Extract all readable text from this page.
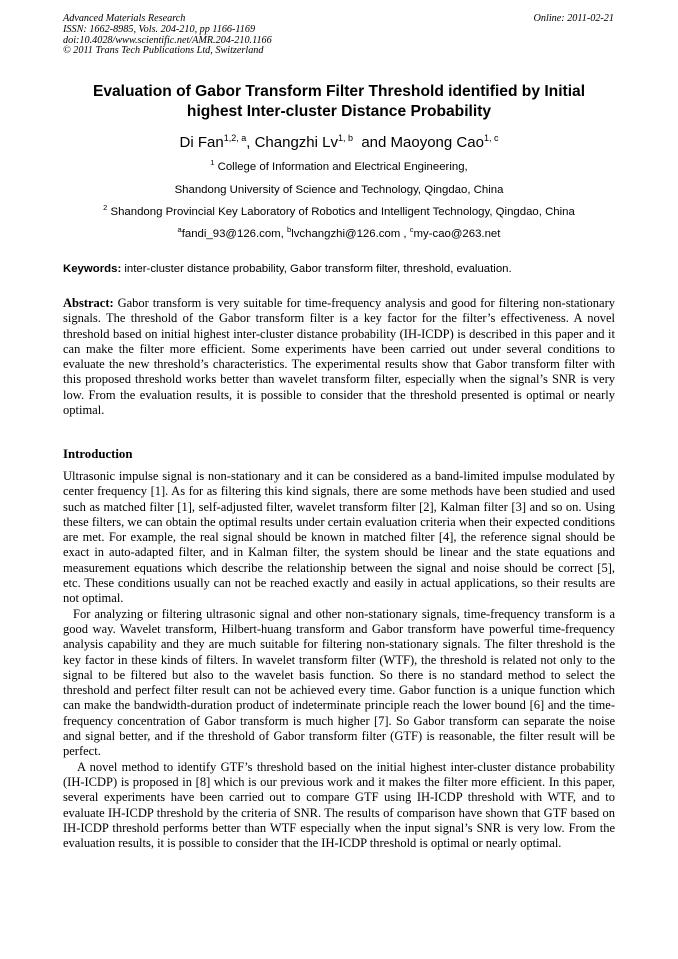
Advanced Materials Research
ISSN: 1662-8985, Vols. 204-210, pp 1166-1169
doi:10.4028/www.scientific.net/AMR.204-210.1166
© 2011 Trans Tech Publications Ltd, Switzerland
Online: 2011-02-21
Evaluation of Gabor Transform Filter Threshold identified by Initial
highest Inter-cluster Distance Probability
Di Fan$^{1,2, a}$, Changzhi Lv$^{1, b}$  and Maoyong Cao$^{1, c}$
$^1$ College of Information and Electrical Engineering,
Shandong University of Science and Technology, Qingdao, China
$^2$ Shandong Provincial Key Laboratory of Robotics and Intelligent Technology, Qingdao, China
$^a$fandi_93@126.com, $^b$lvchangzhi@126.com , $^c$my-cao@263.net
Keywords: inter-cluster distance probability, Gabor transform filter, threshold, evaluation.
Abstract: Gabor transform is very suitable for time-frequency analysis and good for filtering non-stationary signals. The threshold of the Gabor transform filter is a key factor for the filter’s effectiveness. A novel threshold based on initial highest inter-cluster distance probability (IH-ICDP) is described in this paper and it can make the filter more efficient. Some experiments have been carried out under several conditions to evaluate the new threshold’s characteristics. The experimental results show that Gabor transform filter with this proposed threshold works better than wavelet transform filter, especially when the signal’s SNR is very low. From the evaluation results, it is possible to consider that the threshold presented is optimal or nearly optimal.
Introduction

Ultrasonic impulse signal is non-stationary and it can be considered as a band-limited impulse modulated by center frequency [1]. As for as filtering this kind signals, there are some methods have been studied and used such as matched filter [1], self-adjusted filter, wavelet transform filter [2], Kalman filter [3] and so on. Using these filters, we can obtain the optimal results under certain evaluation criteria when their expected conditions are met. For example, the real signal should be known in matched filter [4], the reference signal should be exact in auto-adapted filter, and in Kalman filter, the system should be linear and the state equations and measurement equations which describe the relationship between the signal and noise should be correct [5], etc. These conditions usually can not be reached exactly and easily in actual applications, so their results are not optimal.

For analyzing or filtering ultrasonic signal and other non-stationary signals, time-frequency transform is a good way. Wavelet transform, Hilbert-huang transform and Gabor transform have powerful time-frequency analysis capability and they are much suitable for filtering non-stationary signals. The filter threshold is the key factor in these kinds of filters. In wavelet transform filter (WTF), the threshold is related not only to the signal to be filtered but also to the wavelet basis function. So there is no standard method to select the threshold and perfect filter result can not be achieved every time. Gabor function is a unique function which can make the bandwidth-duration product of indeterminate principle reach the lower bound [6] and the time-frequency concentration of Gabor transform is much higher [7]. So Gabor transform can separate the noise and signal better, and if the threshold of Gabor transform filter (GTF) is reasonable, the filter result will be perfect.

A novel method to identify GTF’s threshold based on the initial highest inter-cluster distance probability (IH-ICDP) is proposed in [8] which is our previous work and it makes the filter more efficient. In this paper, several experiments have been carried out to compare GTF using IH-ICDP threshold with WTF, and to evaluate IH-ICDP threshold by the criteria of SNR. The results of comparison have shown that GTF based on IH-ICDP threshold performs better than WTF especially when the input signal’s SNR is very low. From the evaluation results, it is possible to consider that the IH-ICDP threshold is optimal or nearly optimal.
